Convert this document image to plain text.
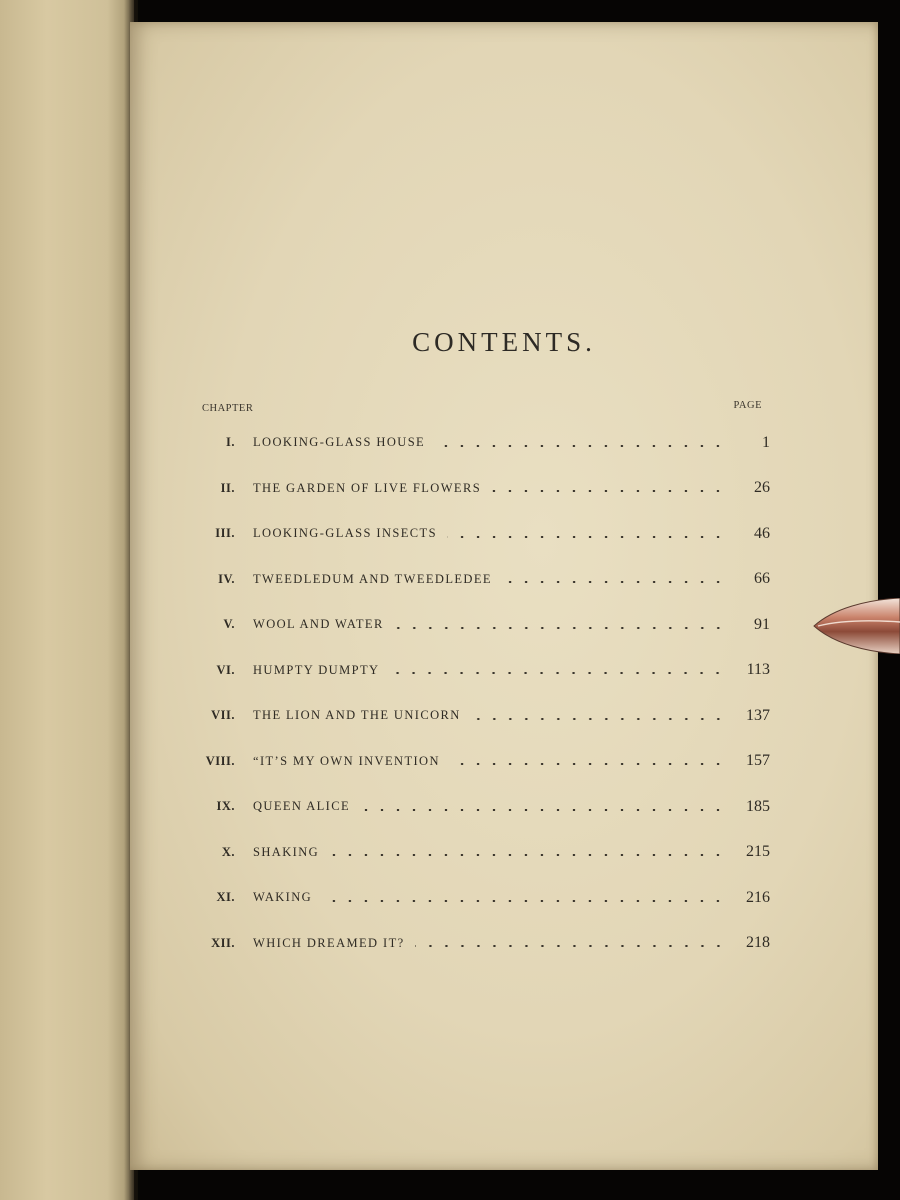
CONTENTS.
CHAPTER	PAGE
I. LOOKING-GLASS HOUSE	1
II. THE GARDEN OF LIVE FLOWERS	26
III. LOOKING-GLASS INSECTS	46
IV. TWEEDLEDUM AND TWEEDLEDEE	66
V. WOOL AND WATER	91
VI. HUMPTY DUMPTY	113
VII. THE LION AND THE UNICORN	137
VIII. “IT’S MY OWN INVENTION	157
IX. QUEEN ALICE	185
X. SHAKING	215
XI. WAKING	216
XII. WHICH DREAMED IT?	218
